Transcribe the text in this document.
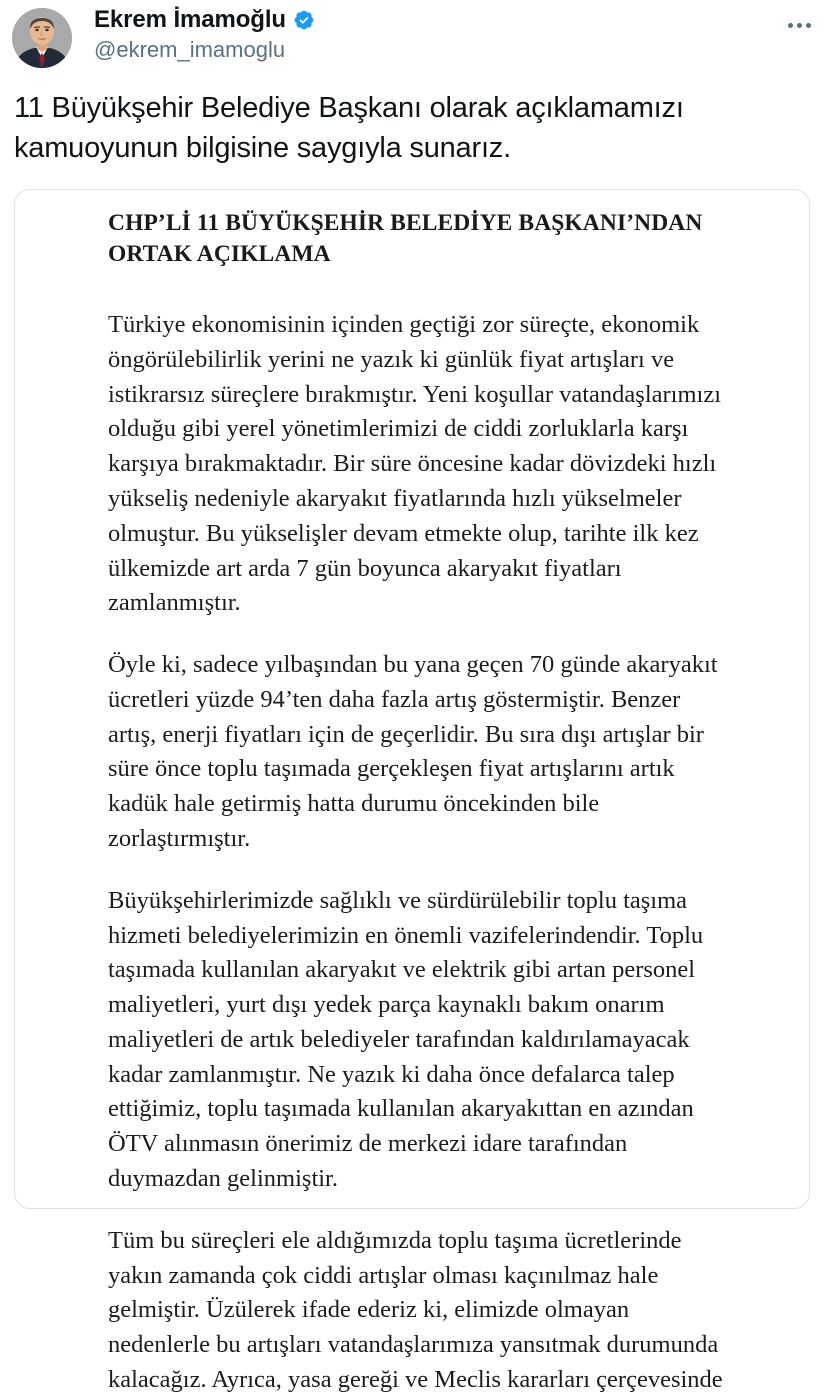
Ekrem İmamoğlu
@ekrem_imamoglu
11 Büyükşehir Belediye Başkanı olarak açıklamamızı kamuoyunun bilgisine saygıyla sunarız.
CHP’Lİ 11 BÜYÜKŞEHİR BELEDİYE BAŞKANI’NDAN ORTAK AÇIKLAMA

Türkiye ekonomisinin içinden geçtiği zor süreçte, ekonomik öngörülebilirlik yerini ne yazık ki günlük fiyat artışları ve istikrarsız süreçlere bırakmıştır. Yeni koşullar vatandaşlarımızı olduğu gibi yerel yönetimlerimizi de ciddi zorluklarla karşı karşıya bırakmaktadır. Bir süre öncesine kadar dövizdeki hızlı yükseliş nedeniyle akaryakıt fiyatlarında hızlı yükselmeler olmuştur. Bu yükselişler devam etmekte olup, tarihte ilk kez ülkemizde art arda 7 gün boyunca akaryakıt fiyatları zamlanmıştır.

Öyle ki, sadece yılbaşından bu yana geçen 70 günde akaryakıt ücretleri yüzde 94’ten daha fazla artış göstermiştir. Benzer artış, enerji fiyatları için de geçerlidir. Bu sıra dışı artışlar bir süre önce toplu taşımada gerçekleşen fiyat artışlarını artık kadük hale getirmiş hatta durumu öncekinden bile zorlaştırmıştır.

Büyükşehirlerimizde sağlıklı ve sürdürülebilir toplu taşıma hizmeti belediyelerimizin en önemli vazifelerindendir. Toplu taşımada kullanılan akaryakıt ve elektrik gibi artan personel maliyetleri, yurt dışı yedek parça kaynaklı bakım onarım maliyetleri de artık belediyeler tarafından kaldırılamayacak kadar zamlanmıştır. Ne yazık ki daha önce defalarca talep ettiğimiz, toplu taşımada kullanılan akaryakıttan en azından ÖTV alınmasın önerimiz de merkezi idare tarafından duymazdan gelinmiştir.

Tüm bu süreçleri ele aldığımızda toplu taşıma ücretlerinde yakın zamanda çok ciddi artışlar olması kaçınılmaz hale gelmiştir. Üzülerek ifade ederiz ki, elimizde olmayan nedenlerle bu artışları vatandaşlarımıza yansıtmak durumunda kalacağız. Ayrıca, yasa gereği ve Meclis kararları çerçevesinde
